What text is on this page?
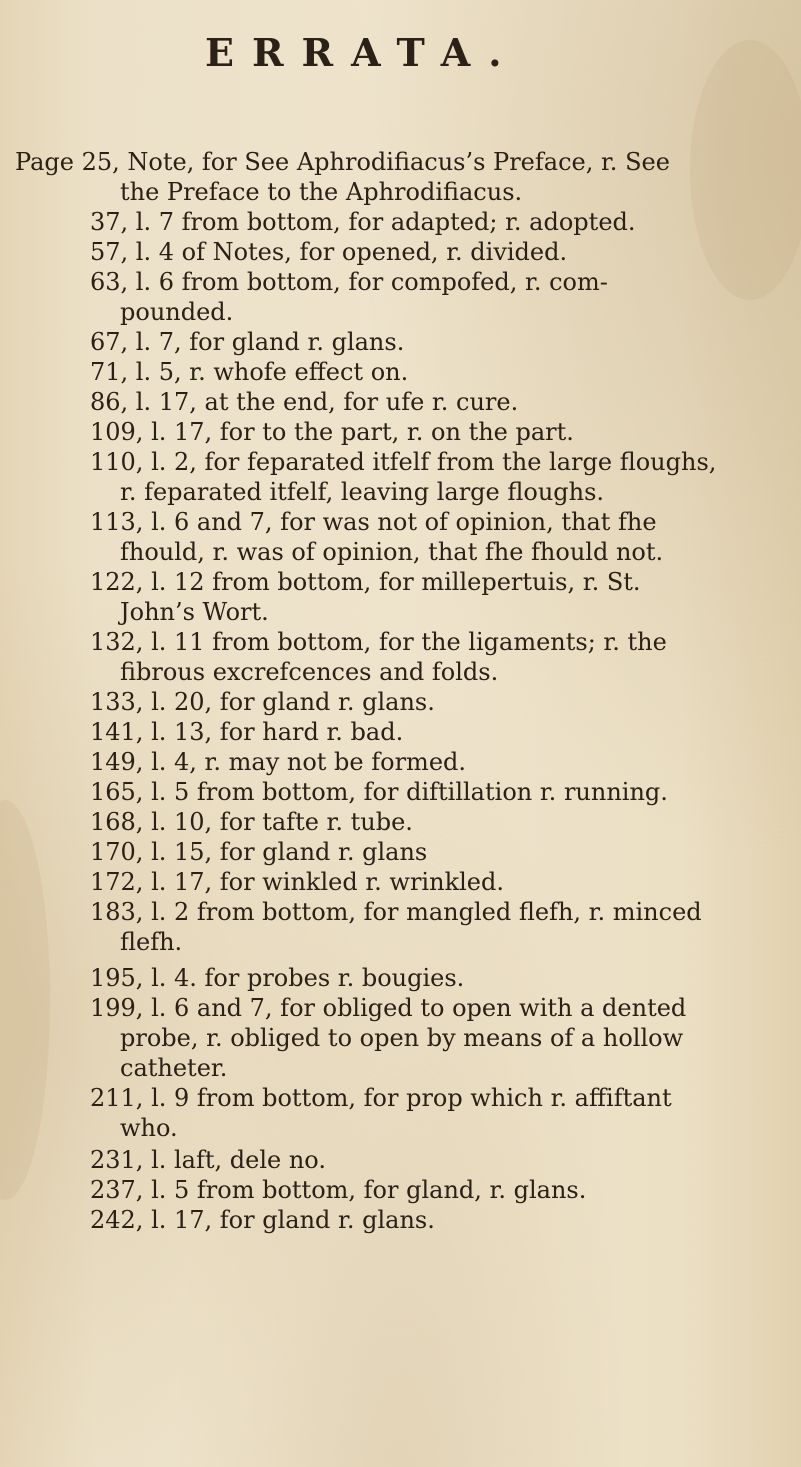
ERRATA.
Page 25, Note, for See Aphrodifiacus’s Preface, r. See
the Preface to the Aphrodifiacus.
37, l. 7 from bottom, for adapted; r. adopted.
57, l. 4 of Notes, for opened, r. divided.
63, l. 6 from bottom, for compofed, r. com-
pounded.
67, l. 7, for gland r. glans.
71, l. 5, r. whofe effect on.
86, l. 17, at the end, for ufe r. cure.
109, l. 17, for to the part, r. on the part.
110, l. 2, for feparated itfelf from the large floughs,
r. feparated itfelf, leaving large floughs.
113, l. 6 and 7, for was not of opinion, that fhe
fhould, r. was of opinion, that fhe fhould not.
122, l. 12 from bottom, for millepertuis, r. St.
John’s Wort.
132, l. 11 from bottom, for the ligaments; r. the
fibrous excrefcences and folds.
133, l. 20, for gland r. glans.
141, l. 13, for hard r. bad.
149, l. 4, r. may not be formed.
165, l. 5 from bottom, for diftillation r. running.
168, l. 10, for tafte r. tube.
170, l. 15, for gland r. glans
172, l. 17, for winkled r. wrinkled.
183, l. 2 from bottom, for mangled flefh, r. minced
flefh.
195, l. 4. for probes r. bougies.
199, l. 6 and 7, for obliged to open with a dented
probe, r. obliged to open by means of a hollow
catheter.
211, l. 9 from bottom, for prop which r. affiftant
who.
231, l. laft, dele no.
237, l. 5 from bottom, for gland, r. glans.
242, l. 17, for gland r. glans.
